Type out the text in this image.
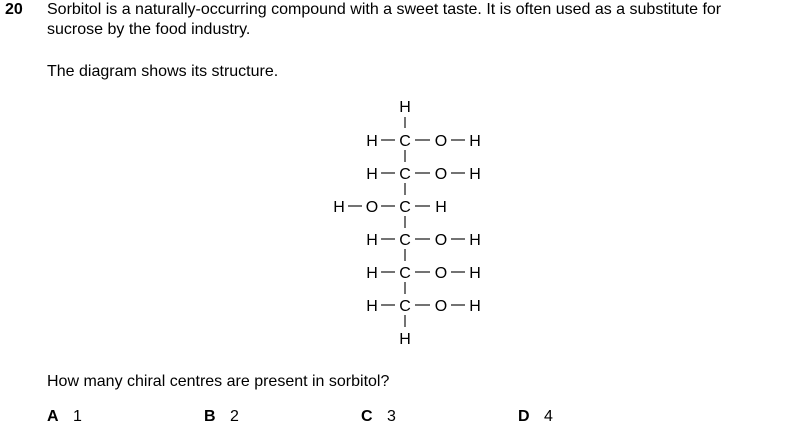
20 Sorbitol is a naturally-occurring compound with a sweet taste. It is often used as a substitute for
sucrose by the food industry.
The diagram shows its structure.
H
H C O H
H C O H
H O C H
H C O H
H C O H
H C O H
H
How many chiral centres are present in sorbitol?
A 1	B 2	C 3	D 4
